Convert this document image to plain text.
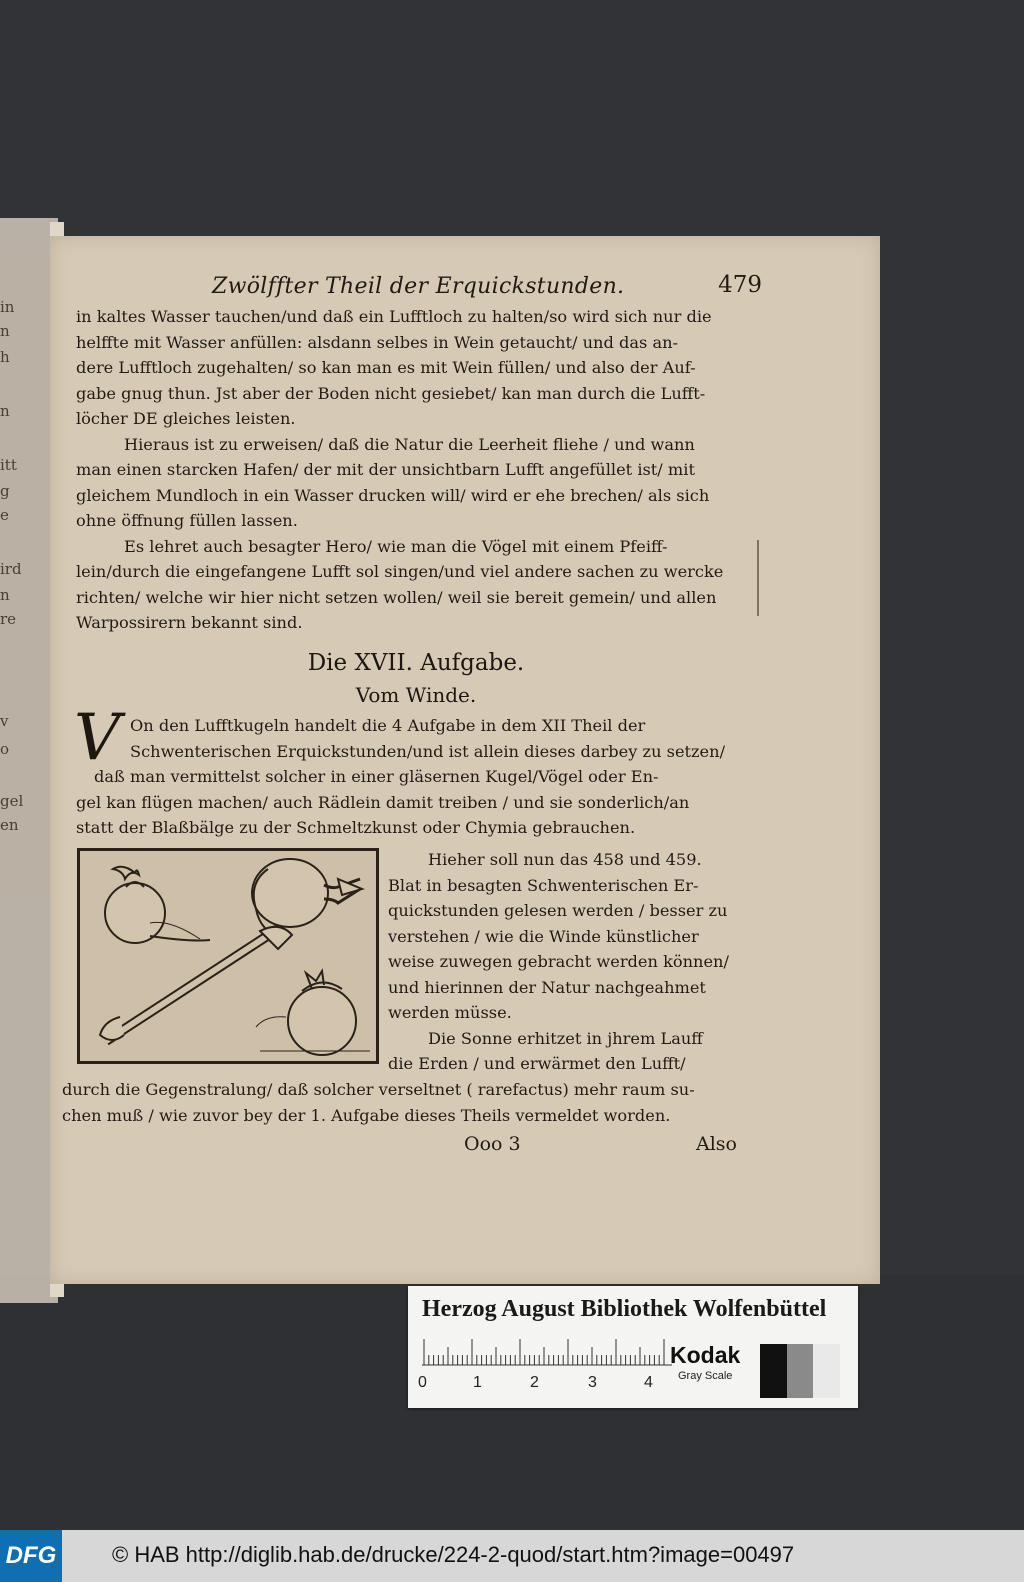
in
n
h
n
itt
g
e
ird
n
re
v
o
gel
en
Zwölffter Theil der Erquickstunden.	479
in kaltes Wasser tauchen/und daß ein Lufftloch zu halten/so wird sich nur die
helffte mit Wasser anfüllen: alsdann selbes in Wein getaucht/ und das an-
dere Lufftloch zugehalten/ so kan man es mit Wein füllen/ und also der Auf-
gabe gnug thun. Jst aber der Boden nicht gesiebet/ kan man durch die Lufft-
löcher DE gleiches leisten.
Hieraus ist zu erweisen/ daß die Natur die Leerheit fliehe / und wann
man einen starcken Hafen/ der mit der unsichtbarn Lufft angefüllet ist/ mit
gleichem Mundloch in ein Wasser drucken will/ wird er ehe brechen/ als sich
ohne öffnung füllen lassen.
Es lehret auch besagter Hero/ wie man die Vögel mit einem Pfeiff-
lein/durch die eingefangene Lufft sol singen/und viel andere sachen zu wercke
richten/ welche wir hier nicht setzen wollen/ weil sie bereit gemein/ und allen
Warpossirern bekannt sind.
Die XVII. Aufgabe.
Vom Winde.
V On den Lufftkugeln handelt die 4 Aufgabe in dem XII Theil der
Schwenterischen Erquickstunden/und ist allein dieses darbey zu setzen/
daß man vermittelst solcher in einer gläsernen Kugel/Vögel oder En-
gel kan flügen machen/ auch Rädlein damit treiben / und sie sonderlich/an
statt der Blaßbälge zu der Schmeltzkunst oder Chymia gebrauchen.
Hieher soll nun das 458 und 459.
Blat in besagten Schwenterischen Er-
quickstunden gelesen werden / besser zu
verstehen / wie die Winde künstlicher
weise zuwegen gebracht werden können/
und hierinnen der Natur nachgeahmet
werden müsse.
Die Sonne erhitzet in jhrem Lauff
die Erden / und erwärmet den Lufft/
durch die Gegenstralung/ daß solcher verseltnet ( rarefactus) mehr raum su-
chen muß / wie zuvor bey der 1. Aufgabe dieses Theils vermeldet worden.
Ooo 3	Also
Herzog August Bibliothek Wolfenbüttel
0	1	2	3	4
Kodak
Gray Scale
DFG	© HAB http://diglib.hab.de/drucke/224-2-quod/start.htm?image=00497
